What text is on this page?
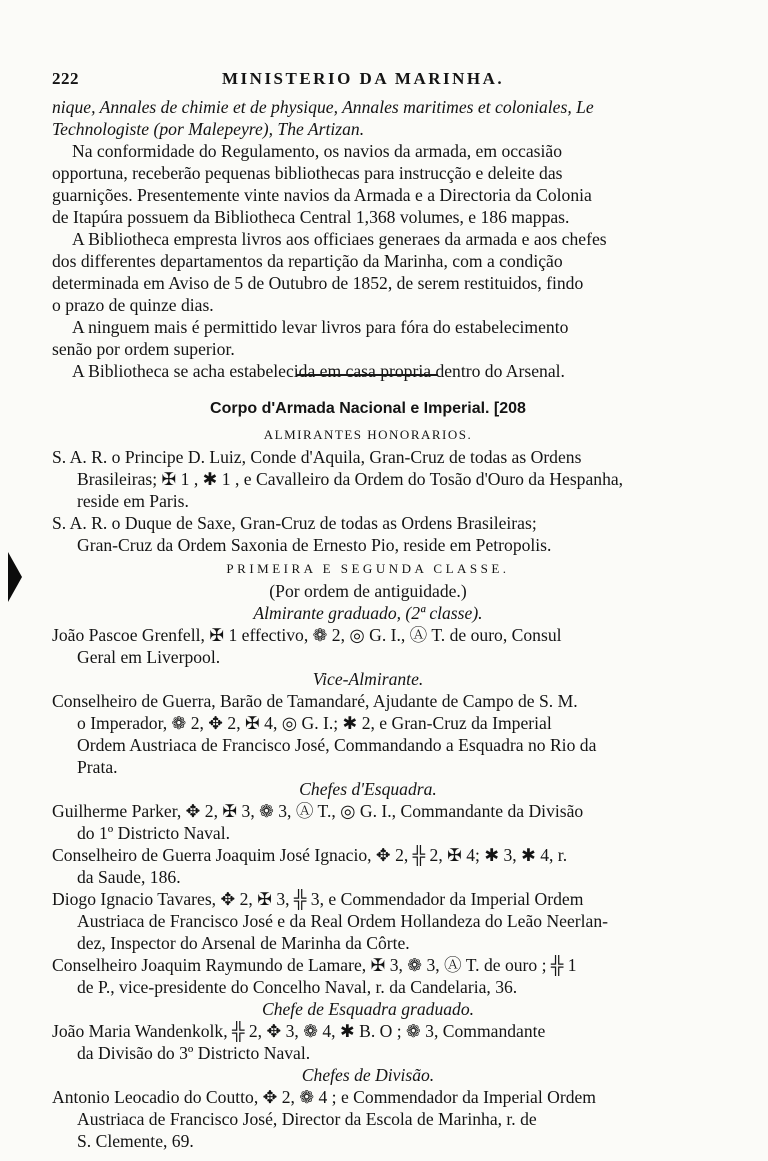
222	MINISTERIO DA MARINHA.
nique, Annales de chimie et de physique, Annales maritimes et coloniales, Le
Technologiste (por Malepeyre), The Artizan.
Na conformidade do Regulamento, os navios da armada, em occasião
opportuna, receberão pequenas bibliothecas para instrucção e deleite das
guarnições. Presentemente vinte navios da Armada e a Directoria da Colonia
de Itapúra possuem da Bibliotheca Central 1,368 volumes, e 186 mappas.
A Bibliotheca empresta livros aos officiaes generaes da armada e aos chefes
dos differentes departamentos da repartição da Marinha, com a condição
determinada em Aviso de 5 de Outubro de 1852, de serem restituidos, findo
o prazo de quinze dias.
A ninguem mais é permittido levar livros para fóra do estabelecimento
senão por ordem superior.
A Bibliotheca se acha estabelecida em casa propria dentro do Arsenal.
Corpo d'Armada Nacional e Imperial. [208
ALMIRANTES HONORARIOS.
S. A. R. o Principe D. Luiz, Conde d'Aquila, Gran-Cruz de todas as Ordens
Brasileiras; ✠ 1 , ✱ 1 , e Cavalleiro da Ordem do Tosão d'Ouro da Hespanha,
reside em Paris.
S. A. R. o Duque de Saxe, Gran-Cruz de todas as Ordens Brasileiras;
Gran-Cruz da Ordem Saxonia de Ernesto Pio, reside em Petropolis.
PRIMEIRA E SEGUNDA CLASSE.
(Por ordem de antiguidade.)
Almirante graduado, (2ª classe).
João Pascoe Grenfell, ✠ 1 effectivo, ❁ 2, ◎ G. I., Ⓐ T. de ouro, Consul
Geral em Liverpool.
Vice-Almirante.
Conselheiro de Guerra, Barão de Tamandaré, Ajudante de Campo de S. M.
o Imperador, ❁ 2, ✥ 2, ✠ 4, ◎ G. I.; ✱ 2, e Gran-Cruz da Imperial
Ordem Austriaca de Francisco José, Commandando a Esquadra no Rio da
Prata.
Chefes d'Esquadra.
Guilherme Parker, ✥ 2, ✠ 3, ❁ 3, Ⓐ T., ◎ G. I., Commandante da Divisão
do 1º Districto Naval.
Conselheiro de Guerra Joaquim José Ignacio, ✥ 2, ╬ 2, ✠ 4; ✱ 3, ✱ 4, r.
da Saude, 186.
Diogo Ignacio Tavares, ✥ 2, ✠ 3, ╬ 3, e Commendador da Imperial Ordem
Austriaca de Francisco José e da Real Ordem Hollandeza do Leão Neerlan-
dez, Inspector do Arsenal de Marinha da Côrte.
Conselheiro Joaquim Raymundo de Lamare, ✠ 3, ❁ 3, Ⓐ T. de ouro ; ╬ 1
de P., vice-presidente do Concelho Naval, r. da Candelaria, 36.
Chefe de Esquadra graduado.
João Maria Wandenkolk, ╬ 2, ✥ 3, ❁ 4, ✱ B. O ; ❁ 3, Commandante
da Divisão do 3º Districto Naval.
Chefes de Divisão.
Antonio Leocadio do Coutto, ✥ 2, ❁ 4 ; e Commendador da Imperial Ordem
Austriaca de Francisco José, Director da Escola de Marinha, r. de
S. Clemente, 69.
